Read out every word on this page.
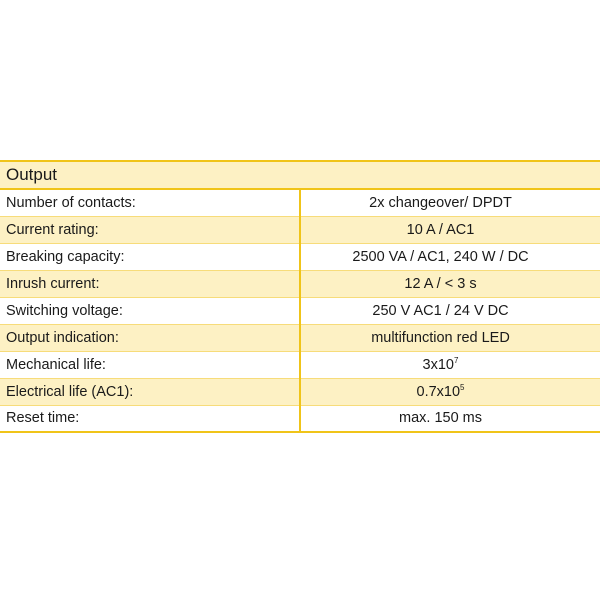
Output	
Number of contacts:	2x changeover/ DPDT
Current rating:	10 A / AC1
Breaking capacity:	2500 VA / AC1, 240 W / DC
Inrush current:	12 A / < 3 s
Switching voltage:	250 V AC1 / 24 V DC
Output indication:	multifunction red LED
Mechanical life:	$3x10^7$
Electrical life (AC1):	$0.7x10^5$
Reset time:	max. 150 ms
